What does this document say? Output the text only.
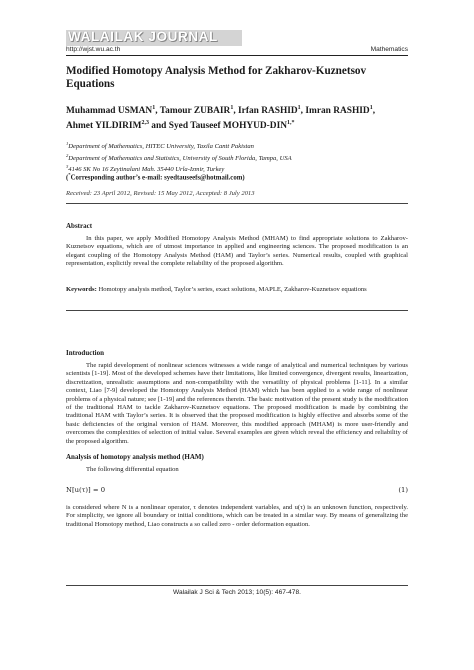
WALAILAK JOURNAL
http://wjst.wu.ac.th	Mathematics
Modified Homotopy Analysis Method for Zakharov-Kuznetsov Equations
Muhammad USMAN$^1$, Tamour ZUBAIR$^1$, Irfan RASHID$^1$, Imran RASHID$^1$,
Ahmet YILDIRIM$^{2,3}$ and Syed Tauseef MOHYUD-$DIN^{1,*}$
$^1$Department of Mathematics, HITEC University, Taxila Cantt Pakistan
$^2$Department of Mathematics and Statistics, University of South Florida, Tampa, USA
$^3$4146 SK No 16 Zeytinalani Mah. 35440 Urla-Izmir, Turkey
(*Corresponding author’s e-mail: syedtauseefs@hotmail.com)
Received: 23 April 2012, Revised: 15 May 2012, Accepted: 8 July 2013
Abstract
In this paper, we apply Modified Homotopy Analysis Method (MHAM) to find appropriate solutions to Zakharov-Kuznetsov equations, which are of utmost importance in applied and engineering sciences. The proposed modification is an elegant coupling of the Homotopy Analysis Method (HAM) and Taylor’s series. Numerical results, coupled with graphical representation, explicitly reveal the complete reliability of the proposed algorithm.
Keywords: Homotopy analysis method, Taylor’s series, exact solutions, MAPLE, Zakharov-Kuznetsov equations
Introduction
The rapid development of nonlinear sciences witnesses a wide range of analytical and numerical techniques by various scientists [1-19]. Most of the developed schemes have their limitations, like limited convergence, divergent results, linearization, discretization, unrealistic assumptions and non-compatibility with the versatility of physical problems [1-11]. In a similar context, Liao [7-9] developed the Homotopy Analysis Method (HAM) which has been applied to a wide range of nonlinear problems of a physical nature; see [1-19] and the references therein. The basic motivation of the present study is the modification of the traditional HAM to tackle Zakharov-Kuznetsov equations. The proposed modification is made by combining the traditional HAM with Taylor’s series. It is observed that the proposed modification is highly effective and absorbs some of the basic deficiencies of the original version of HAM. Moreover, this modified approach (MHAM) is more user-friendly and overcomes the complexities of selection of initial value. Several examples are given which reveal the efficiency and reliability of the proposed algorithm.
Analysis of homotopy analysis method (HAM)
The following differential equation
N[u(τ)] = 0	(1)
is considered where N is a nonlinear operator, τ denotes independent variables, and u(τ) is an unknown function, respectively. For simplicity, we ignore all boundary or initial conditions, which can be treated in a similar way. By means of generalizing the traditional Homotopy method, Liao constructs a so called zero - order deformation equation.
Walailak J Sci & Tech 2013; 10(5): 467-478.
